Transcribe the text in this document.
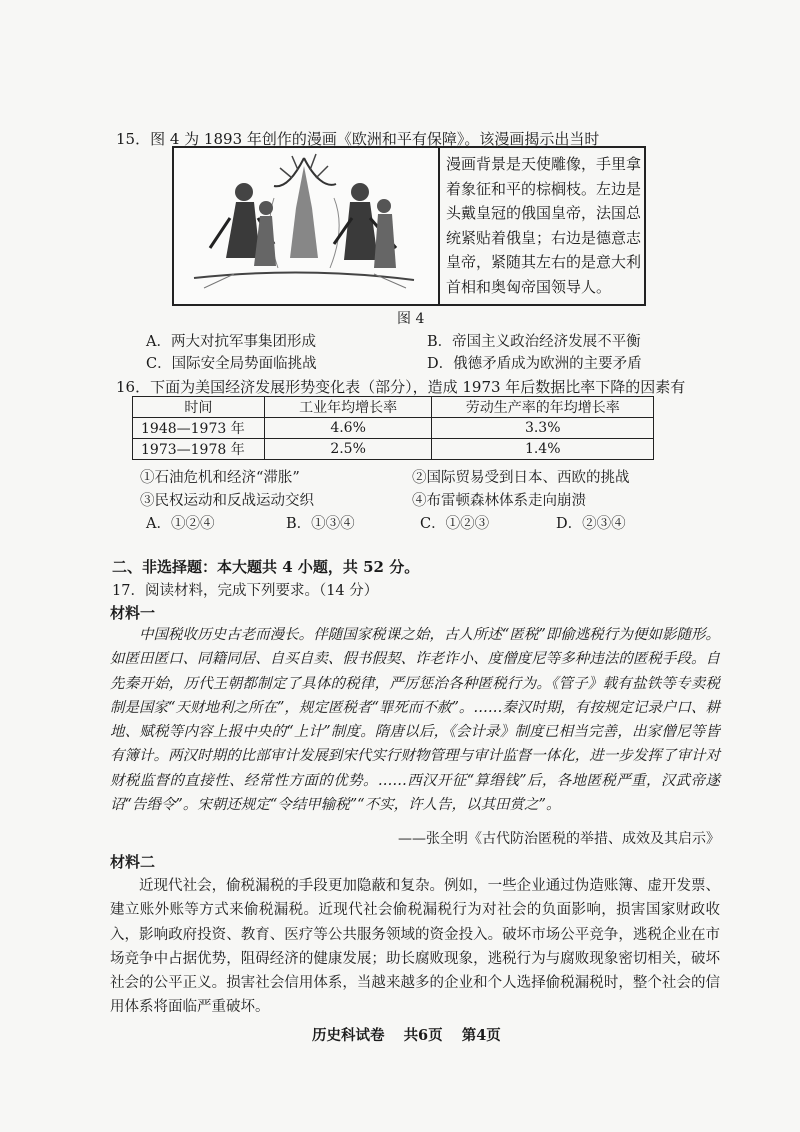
15．图 4 为 1893 年创作的漫画《欧洲和平有保障》。该漫画揭示出当时
漫画背景是天使雕像，手里拿着象征和平的棕榈枝。左边是头戴皇冠的俄国皇帝，法国总统紧贴着俄皇；右边是德意志皇帝，紧随其左右的是意大利首相和奥匈帝国领导人。
图 4
A．两大对抗军事集团形成	B．帝国主义政治经济发展不平衡
C．国际安全局势面临挑战	D．俄德矛盾成为欧洲的主要矛盾
16．下面为美国经济发展形势变化表（部分），造成 1973 年后数据比率下降的因素有
时间	工业年均增长率	劳动生产率的年均增长率
1948—1973 年	4.6%	3.3%
1973—1978 年	2.5%	1.4%
①石油危机和经济“滞胀”	②国际贸易受到日本、西欧的挑战
③民权运动和反战运动交织	④布雷顿森林体系走向崩溃
A．①②④	B．①③④	C．①②③	D．②③④
二、非选择题：本大题共 4 小题，共 52 分。
17．阅读材料，完成下列要求。（14 分）
材料一
中国税收历史古老而漫长。伴随国家税课之始，古人所述“匿税”即偷逃税行为便如影随形。如匿田匿口、同籍同居、自买自卖、假书假契、诈老诈小、度僧度尼等多种违法的匿税手段。自先秦开始，历代王朝都制定了具体的税律，严厉惩治各种匿税行为。《管子》载有盐铁等专卖税制是国家“天财地利之所在”，规定匿税者“罪死而不赦”。……秦汉时期，有按规定记录户口、耕地、赋税等内容上报中央的“上计”制度。隋唐以后，《会计录》制度已相当完善，出家僧尼等皆有簿计。两汉时期的比部审计发展到宋代实行财物管理与审计监督一体化，进一步发挥了审计对财税监督的直接性、经常性方面的优势。……西汉开征“算缗钱”后，各地匿税严重，汉武帝遂诏“告缗令”。宋朝还规定“令结甲输税”“不实，许人告，以其田赏之”。
——张全明《古代防治匿税的举措、成效及其启示》
材料二
近现代社会，偷税漏税的手段更加隐蔽和复杂。例如，一些企业通过伪造账簿、虚开发票、建立账外账等方式来偷税漏税。近现代社会偷税漏税行为对社会的负面影响，损害国家财政收入，影响政府投资、教育、医疗等公共服务领域的资金投入。破坏市场公平竞争，逃税企业在市场竞争中占据优势，阻碍经济的健康发展；助长腐败现象，逃税行为与腐败现象密切相关，破坏社会的公平正义。损害社会信用体系，当越来越多的企业和个人选择偷税漏税时，整个社会的信用体系将面临严重破坏。
历史科试卷 共6页 第4页
